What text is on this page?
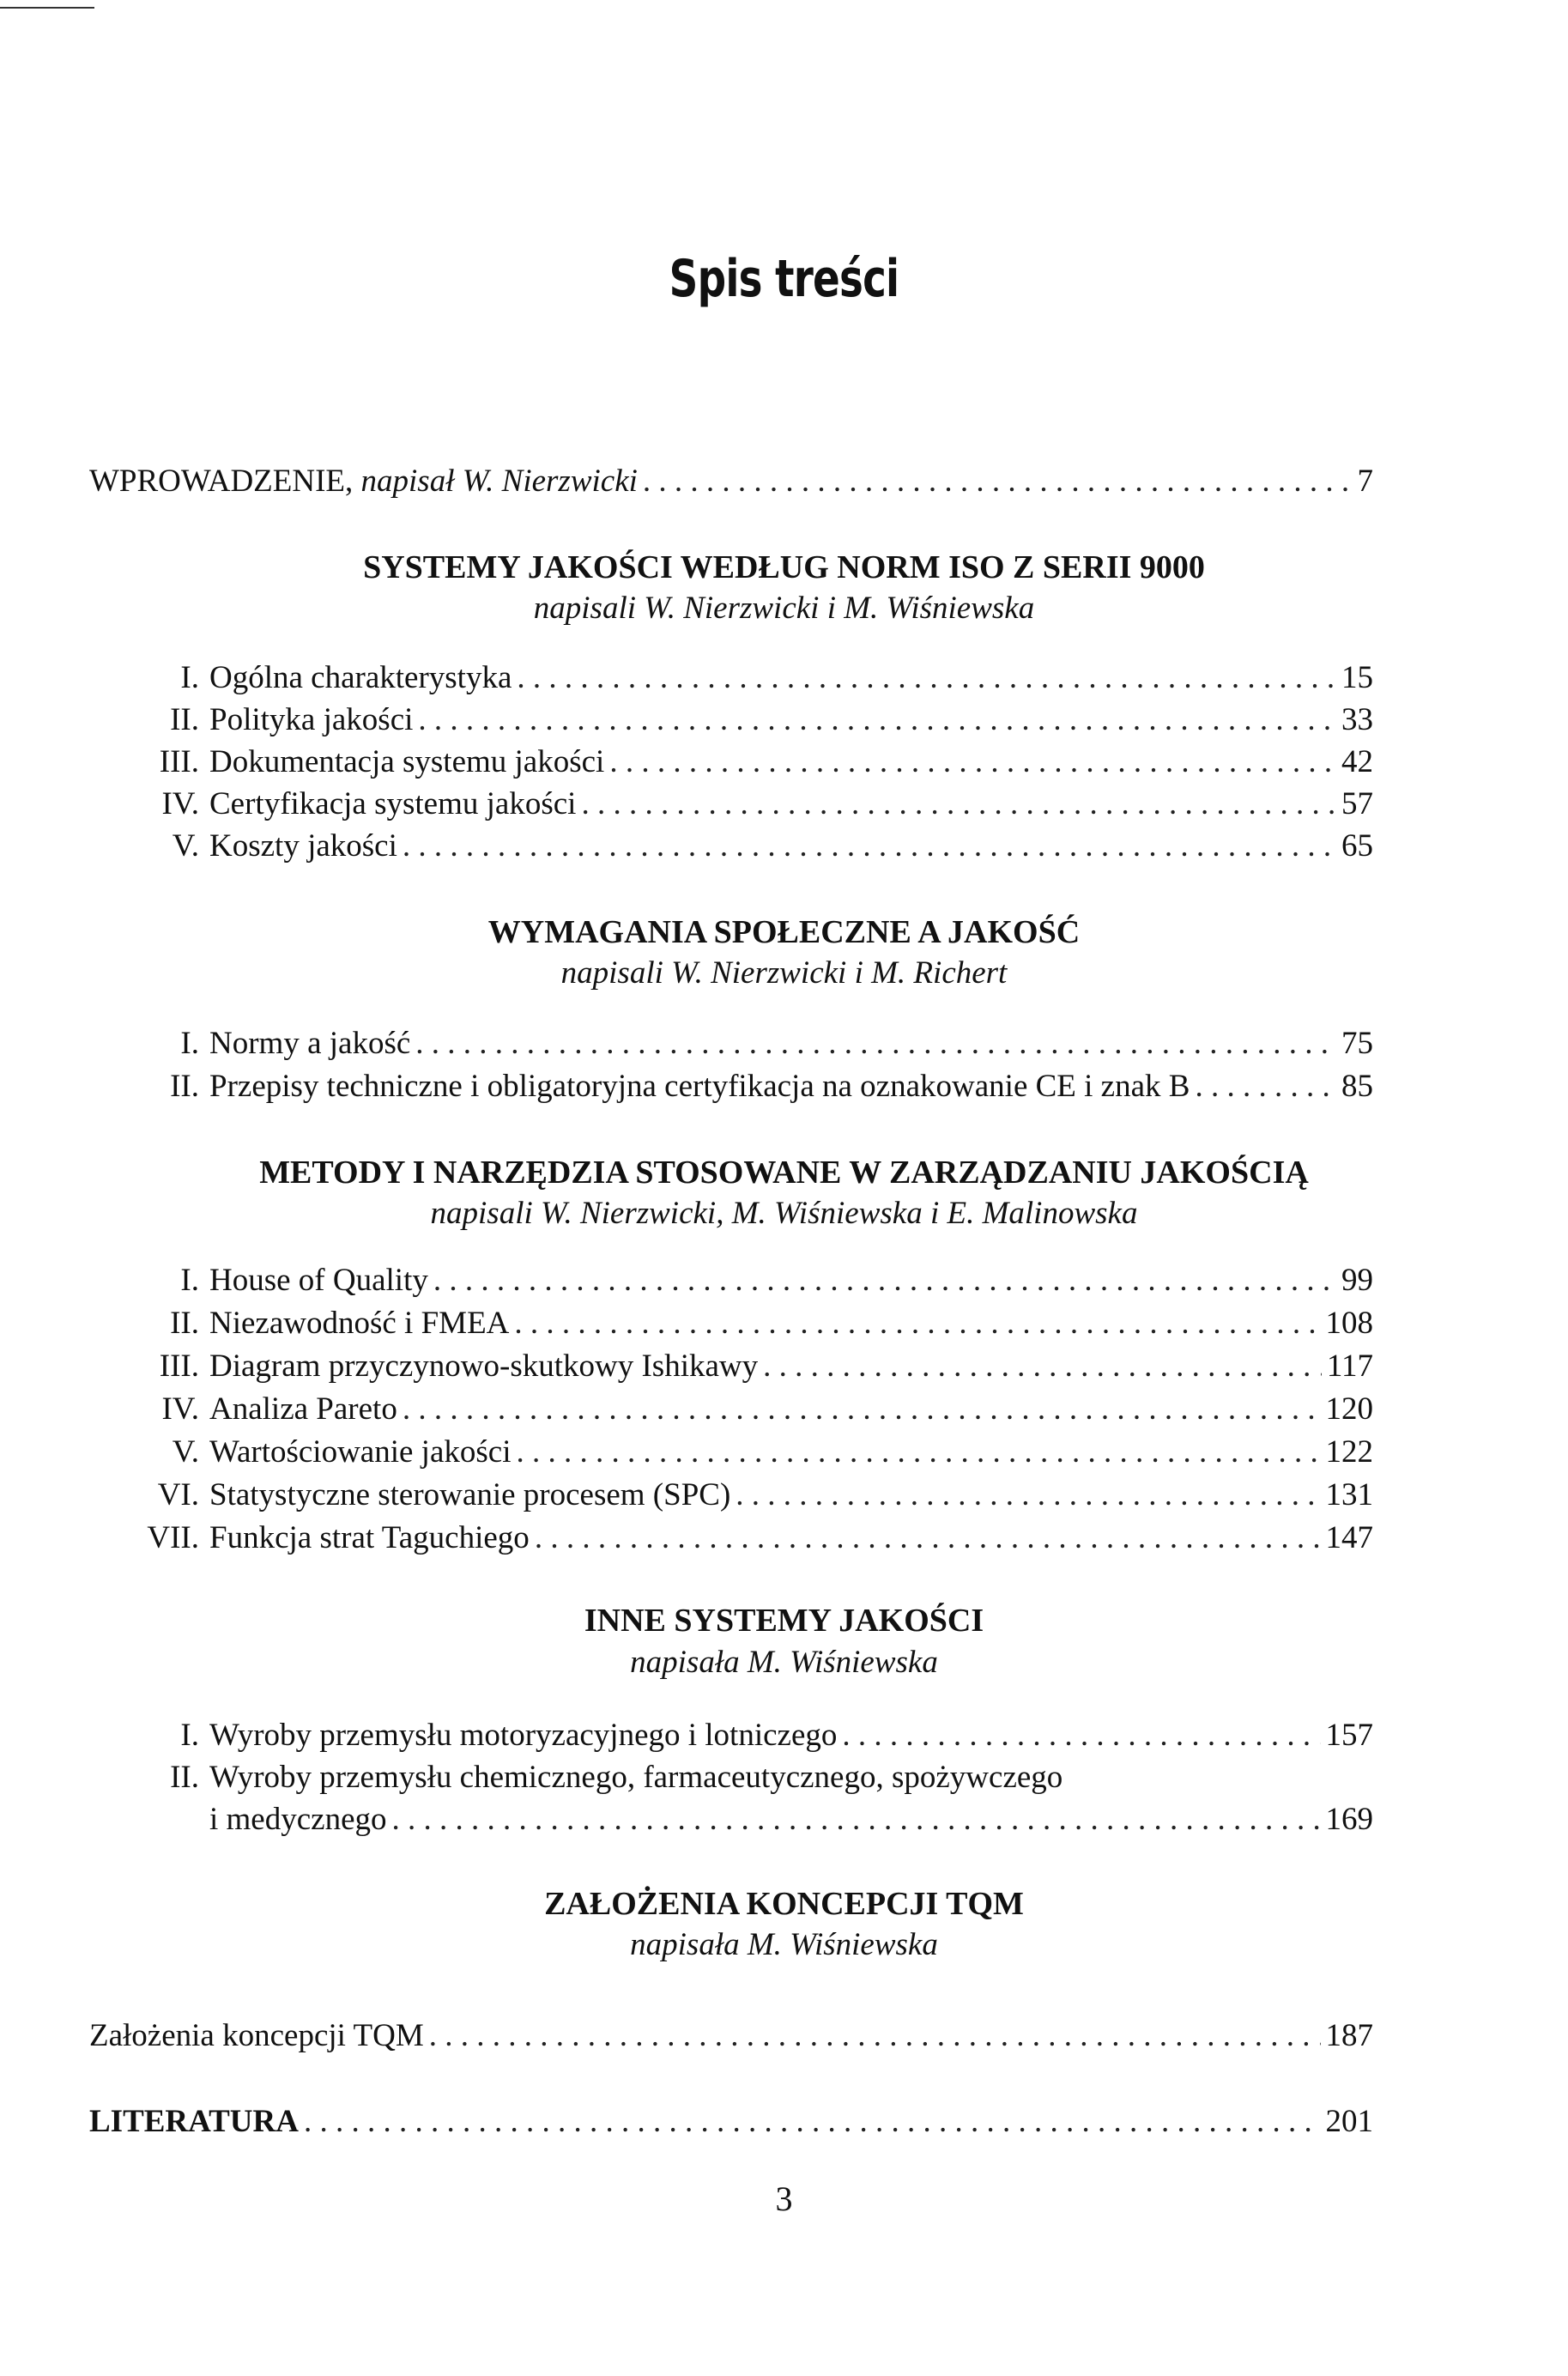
Spis treści
WPROWADZENIE, napisał W. Nierzwicki . . .	7
SYSTEMY JAKOŚCI WEDŁUG NORM ISO Z SERII 9000
napisali W. Nierzwicki i M. Wiśniewska
I. Ogólna charakterystyka . . .	15
II. Polityka jakości . . .	33
III. Dokumentacja systemu jakości . . .	42
IV. Certyfikacja systemu jakości . . .	57
V. Koszty jakości . . .	65
WYMAGANIA SPOŁECZNE A JAKOŚĆ
napisali W. Nierzwicki i M. Richert
I. Normy a jakość . . .	75
II. Przepisy techniczne i obligatoryjna certyfikacja na oznakowanie CE i znak B . . .	85
METODY I NARZĘDZIA STOSOWANE W ZARZĄDZANIU JAKOŚCIĄ
napisali W. Nierzwicki, M. Wiśniewska i E. Malinowska
I. House of Quality . . .	99
II. Niezawodność i FMEA . . .	108
III. Diagram przyczynowo-skutkowy Ishikawy . . .	117
IV. Analiza Pareto . . .	120
V. Wartościowanie jakości . . .	122
VI. Statystyczne sterowanie procesem (SPC) . . .	131
VII. Funkcja strat Taguchiego . . .	147
INNE SYSTEMY JAKOŚCI
napisała M. Wiśniewska
I. Wyroby przemysłu motoryzacyjnego i lotniczego . . .	157
II. Wyroby przemysłu chemicznego, farmaceutycznego, spożywczego
i medycznego . . .	169
ZAŁOŻENIA KONCEPCJI TQM
napisała M. Wiśniewska
Założenia koncepcji TQM . . .	187
LITERATURA . . .	201
3
